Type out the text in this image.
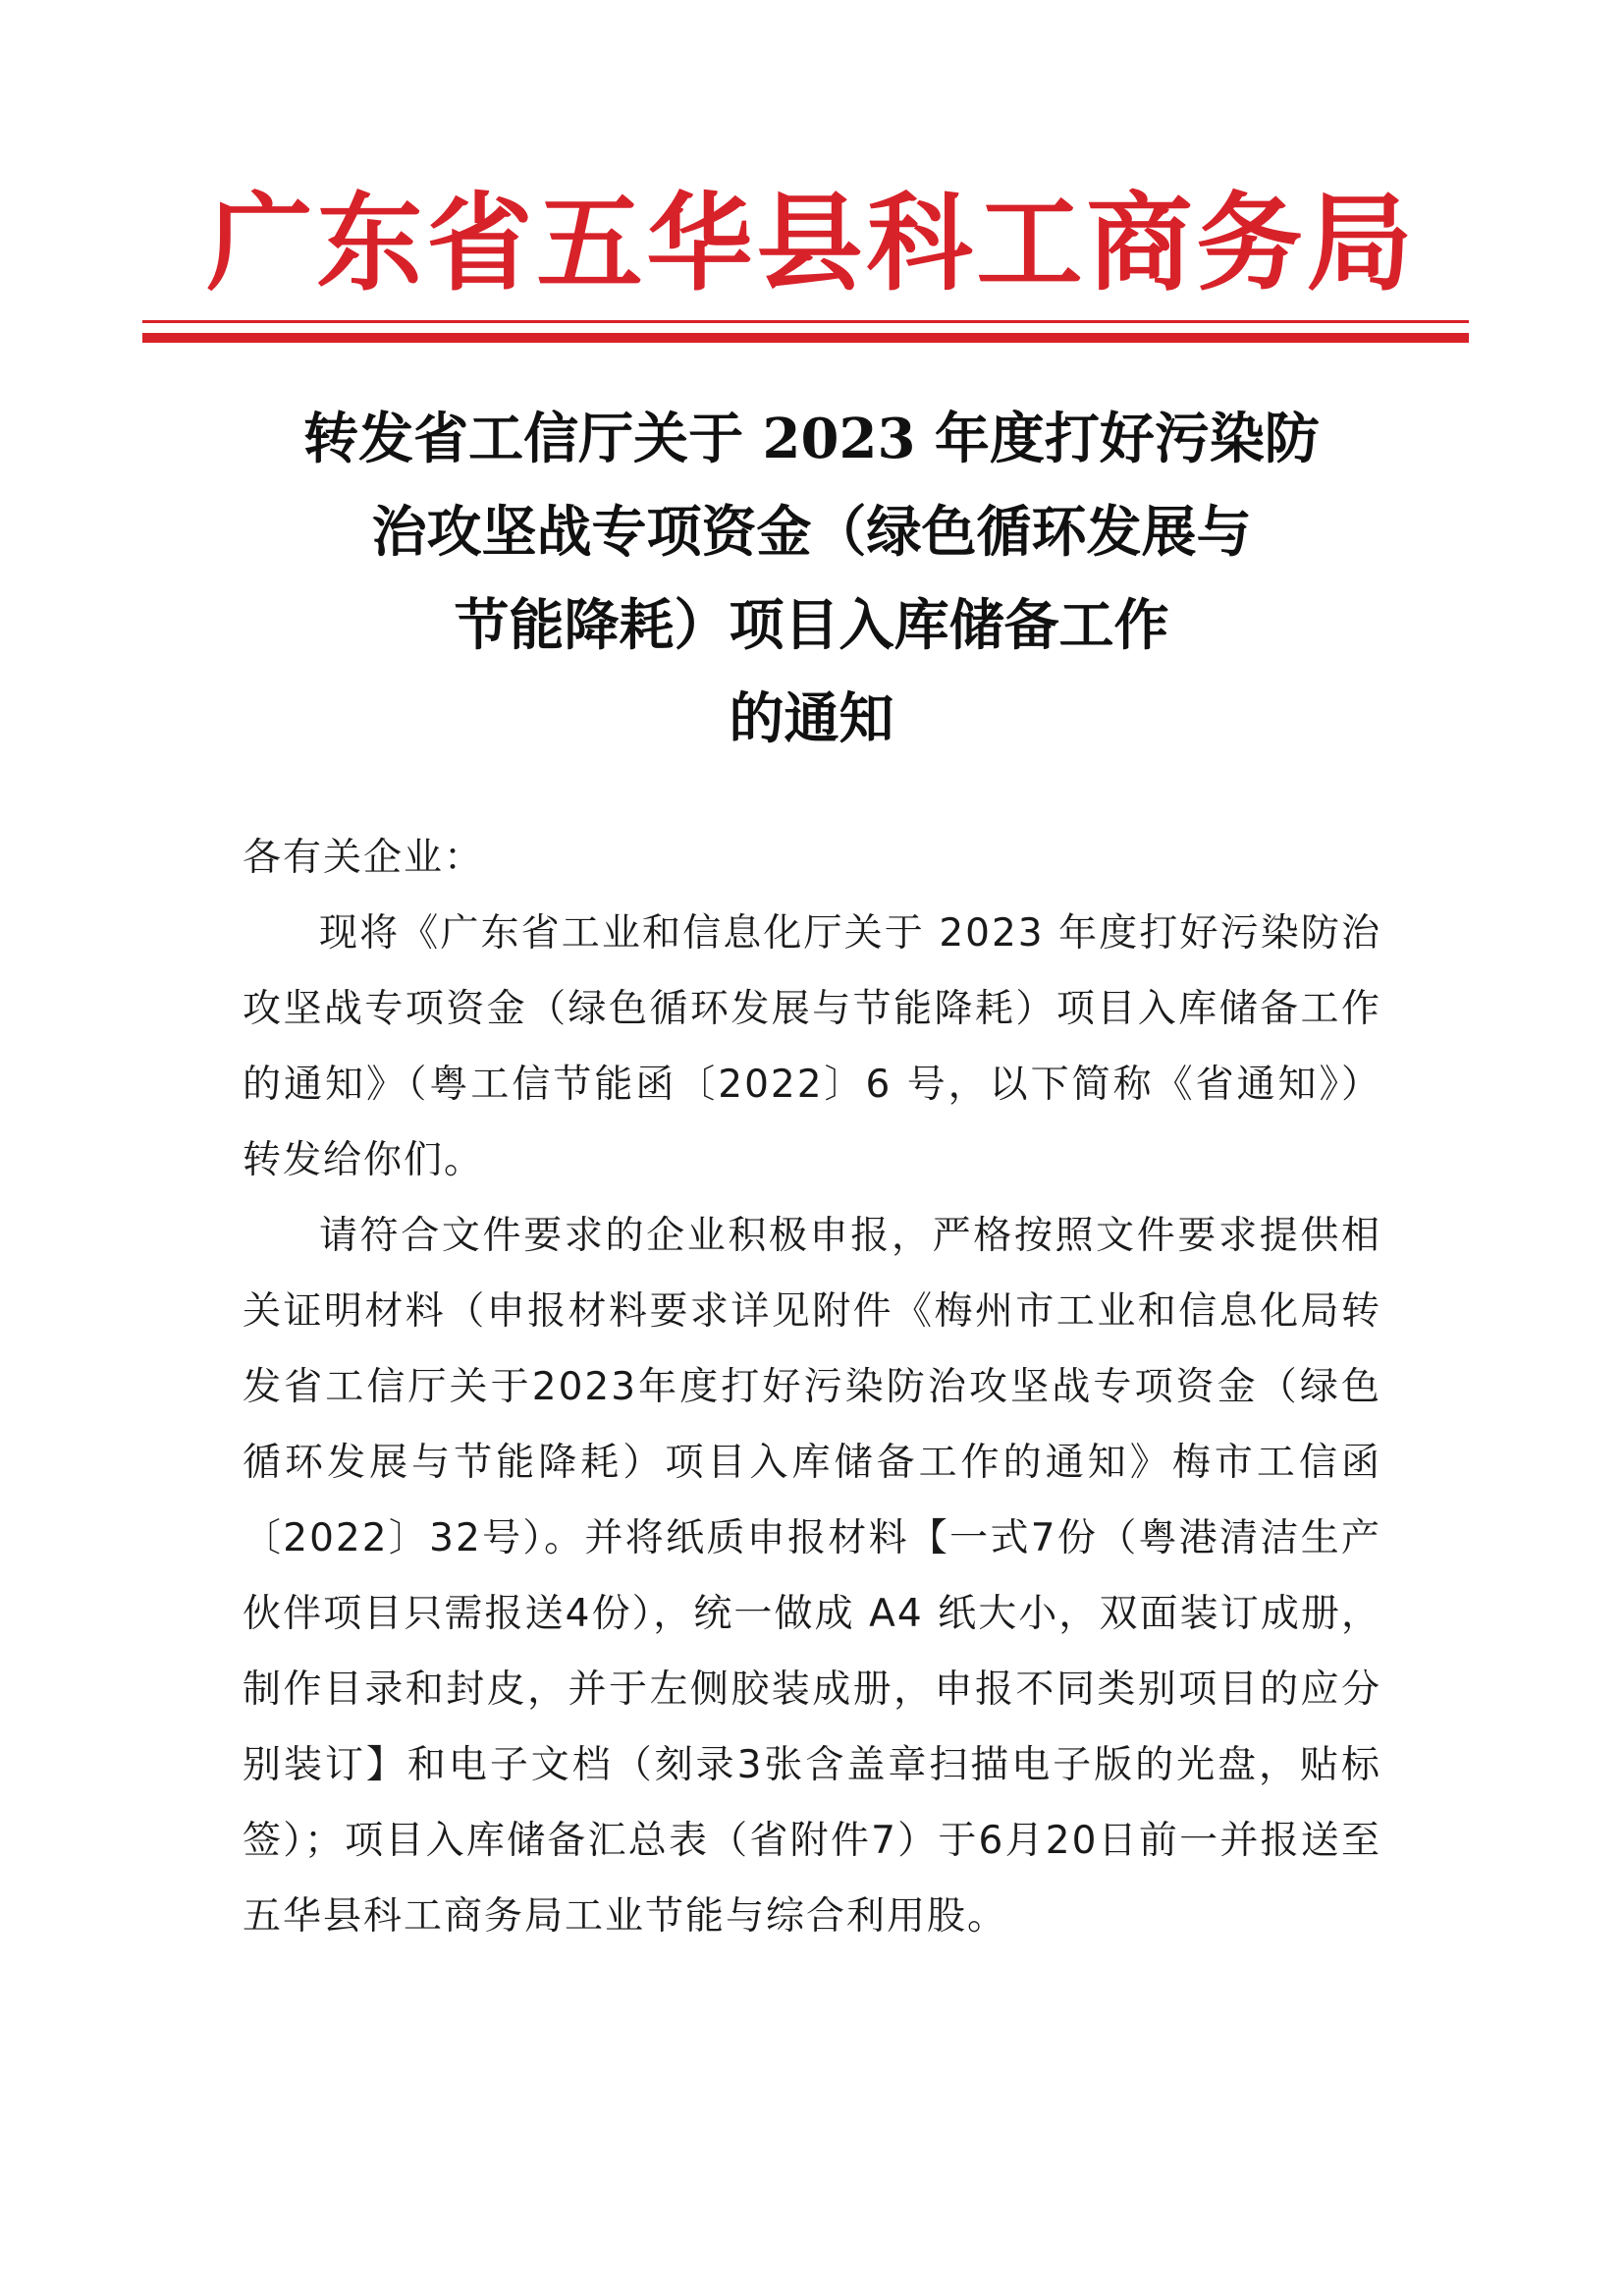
广东省五华县科工商务局
转发省工信厅关于 2023 年度打好污染防
治攻坚战专项资金（绿色循环发展与
节能降耗）项目入库储备工作
的通知

各有关企业：

现将《广东省工业和信息化厅关于 2023 年度打好污染防治攻坚战专项资金（绿色循环发展与节能降耗）项目入库储备工作的通知》（粤工信节能函〔2022〕6 号，以下简称《省通知》）转发给你们。

请符合文件要求的企业积极申报，严格按照文件要求提供相关证明材料（申报材料要求详见附件《梅州市工业和信息化局转发省工信厅关于2023年度打好污染防治攻坚战专项资金（绿色循环发展与节能降耗）项目入库储备工作的通知》梅市工信函〔2022〕32号）。并将纸质申报材料【一式7份（粤港清洁生产伙伴项目只需报送4份），统一做成 A4 纸大小，双面装订成册，制作目录和封皮，并于左侧胶装成册，申报不同类别项目的应分别装订】和电子文档（刻录3张含盖章扫描电子版的光盘，贴标签）；项目入库储备汇总表（省附件7）于6月20日前一并报送至五华县科工商务局工业节能与综合利用股。
